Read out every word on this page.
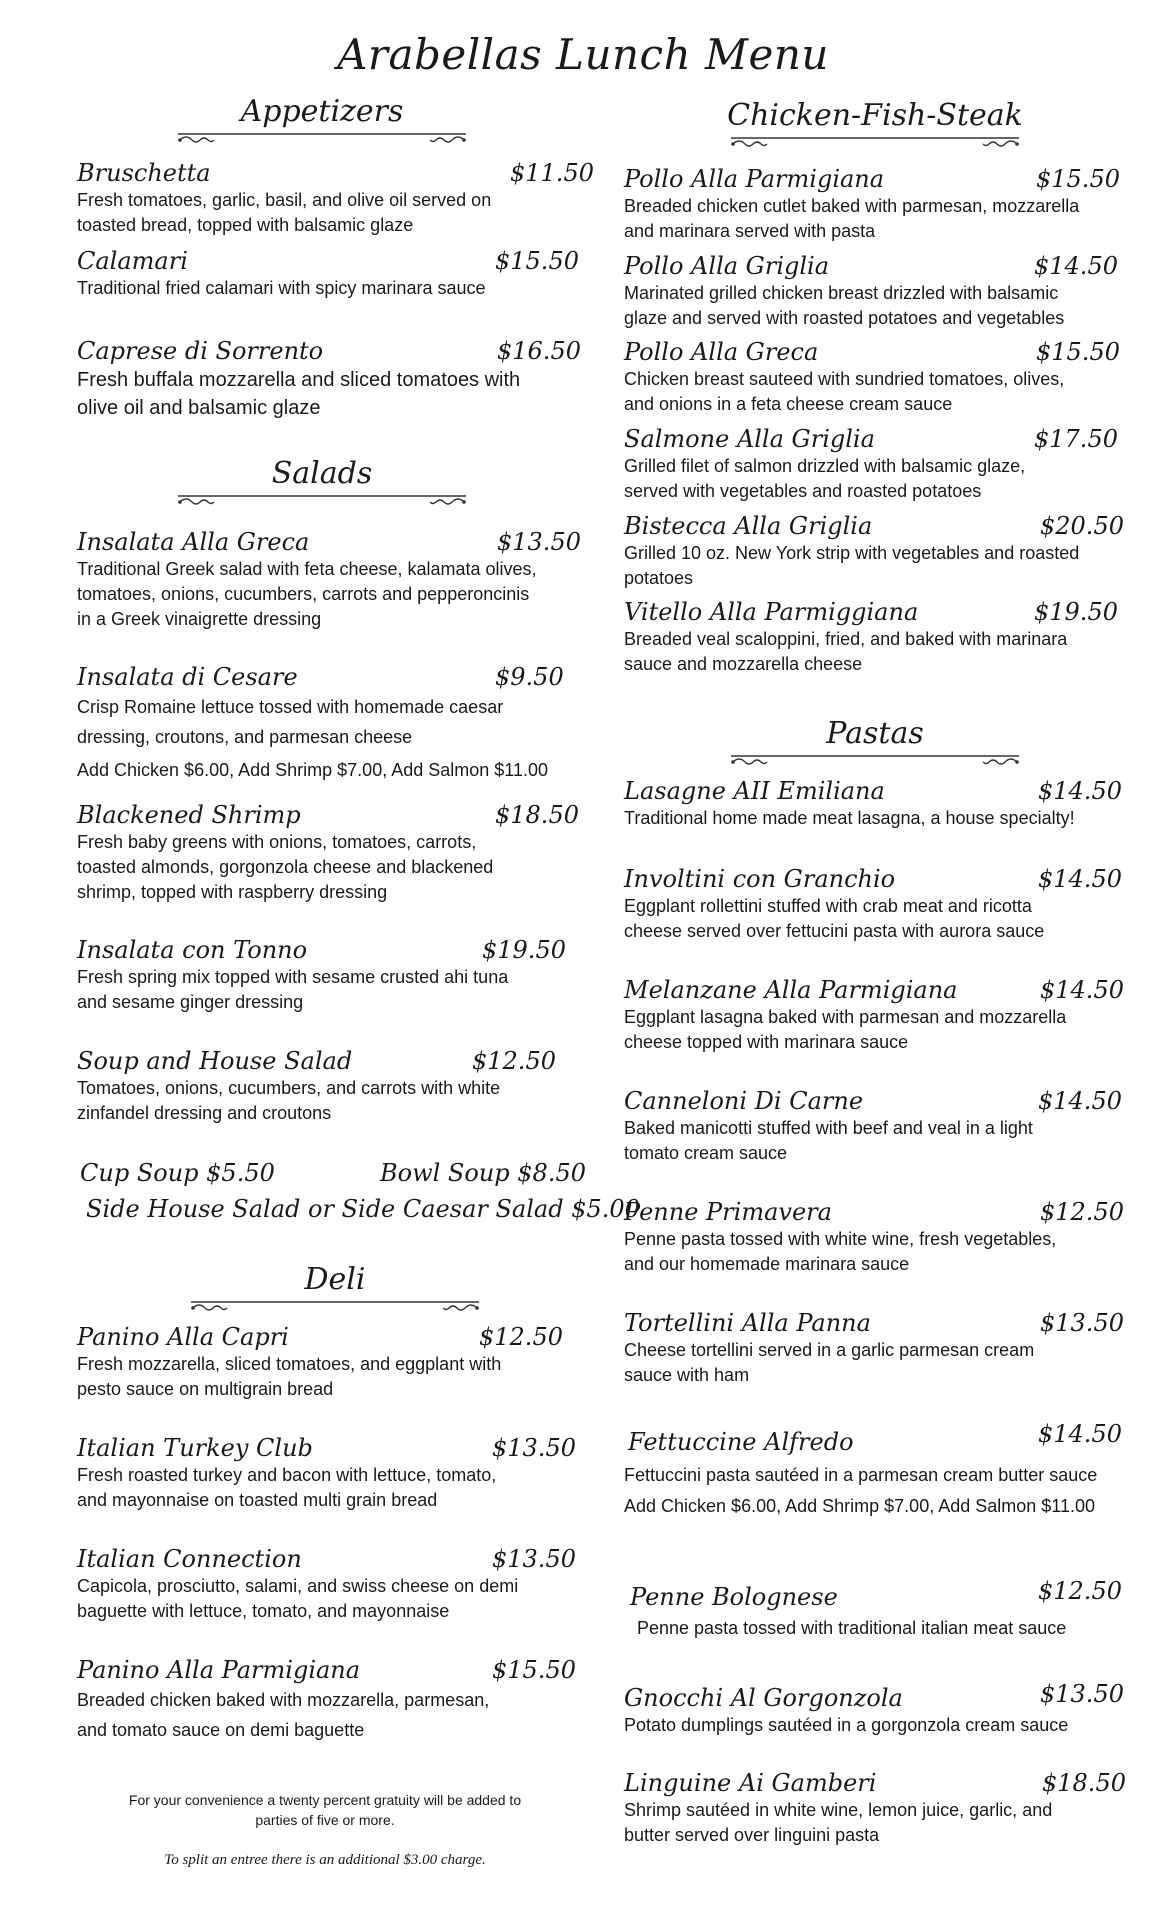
Arabellas Lunch Menu
Appetizers
Salads
Deli
Chicken-Fish-Steak
Pastas
Bruschetta	$11.50
Fresh tomatoes, garlic, basil, and olive oil served on
toasted bread, topped with balsamic glaze
Calamari	$15.50
Traditional fried calamari with spicy marinara sauce
Caprese di Sorrento	$16.50
Fresh buffala mozzarella and sliced tomatoes with
olive oil and balsamic glaze
Insalata Alla Greca	$13.50
Traditional Greek salad with feta cheese, kalamata olives,
tomatoes, onions, cucumbers, carrots and pepperoncinis
in a Greek vinaigrette dressing
Insalata di Cesare	$9.50
Crisp Romaine lettuce tossed with homemade caesar
dressing, croutons, and parmesan cheese
Add Chicken $6.00, Add Shrimp $7.00, Add Salmon $11.00
Blackened Shrimp	$18.50
Fresh baby greens with onions, tomatoes, carrots,
toasted almonds, gorgonzola cheese and blackened
shrimp, topped with raspberry dressing
Insalata con Tonno	$19.50
Fresh spring mix topped with sesame crusted ahi tuna
and sesame ginger dressing
Soup and House Salad	$12.50
Tomatoes, onions, cucumbers, and carrots with white
zinfandel dressing and croutons
Cup Soup $5.50	Bowl Soup $8.50
Side House Salad or Side Caesar Salad $5.00
Panino Alla Capri	$12.50
Fresh mozzarella, sliced tomatoes, and eggplant with
pesto sauce on multigrain bread
Italian Turkey Club	$13.50
Fresh roasted turkey and bacon with lettuce, tomato,
and mayonnaise on toasted multi grain bread
Italian Connection	$13.50
Capicola, prosciutto, salami, and swiss cheese on demi
baguette with lettuce, tomato, and mayonnaise
Panino Alla Parmigiana	$15.50
Breaded chicken baked with mozzarella, parmesan,
and tomato sauce on demi baguette
For your convenience a twenty percent gratuity will be added to
parties of five or more.
To split an entree there is an additional $3.00 charge.
Pollo Alla Parmigiana	$15.50
Breaded chicken cutlet baked with parmesan, mozzarella
and marinara served with pasta
Pollo Alla Griglia	$14.50
Marinated grilled chicken breast drizzled with balsamic
glaze and served with roasted potatoes and vegetables
Pollo Alla Greca	$15.50
Chicken breast sauteed with sundried tomatoes, olives,
and onions in a feta cheese cream sauce
Salmone Alla Griglia	$17.50
Grilled filet of salmon drizzled with balsamic glaze,
served with vegetables and roasted potatoes
Bistecca Alla Griglia	$20.50
Grilled 10 oz. New York strip with vegetables and roasted
potatoes
Vitello Alla Parmiggiana	$19.50
Breaded veal scaloppini, fried, and baked with marinara
sauce and mozzarella cheese
Lasagne AII Emiliana	$14.50
Traditional home made meat lasagna, a house specialty!
Involtini con Granchio	$14.50
Eggplant rollettini stuffed with crab meat and ricotta
cheese served over fettucini pasta with aurora sauce
Melanzane Alla Parmigiana	$14.50
Eggplant lasagna baked with parmesan and mozzarella
cheese topped with marinara sauce
Canneloni Di Carne	$14.50
Baked manicotti stuffed with beef and veal in a light
tomato cream sauce
Penne Primavera	$12.50
Penne pasta tossed with white wine, fresh vegetables,
and our homemade marinara sauce
Tortellini Alla Panna	$13.50
Cheese tortellini served in a garlic parmesan cream
sauce with ham
Fettuccine Alfredo	$14.50
Fettuccini pasta sautéed in a parmesan cream butter sauce
Add Chicken $6.00, Add Shrimp $7.00, Add Salmon $11.00
Penne Bolognese	$12.50
Penne pasta tossed with traditional italian meat sauce
Gnocchi Al Gorgonzola	$13.50
Potato dumplings sautéed in a gorgonzola cream sauce
Linguine Ai Gamberi	$18.50
Shrimp sautéed in white wine, lemon juice, garlic, and
butter served over linguini pasta
